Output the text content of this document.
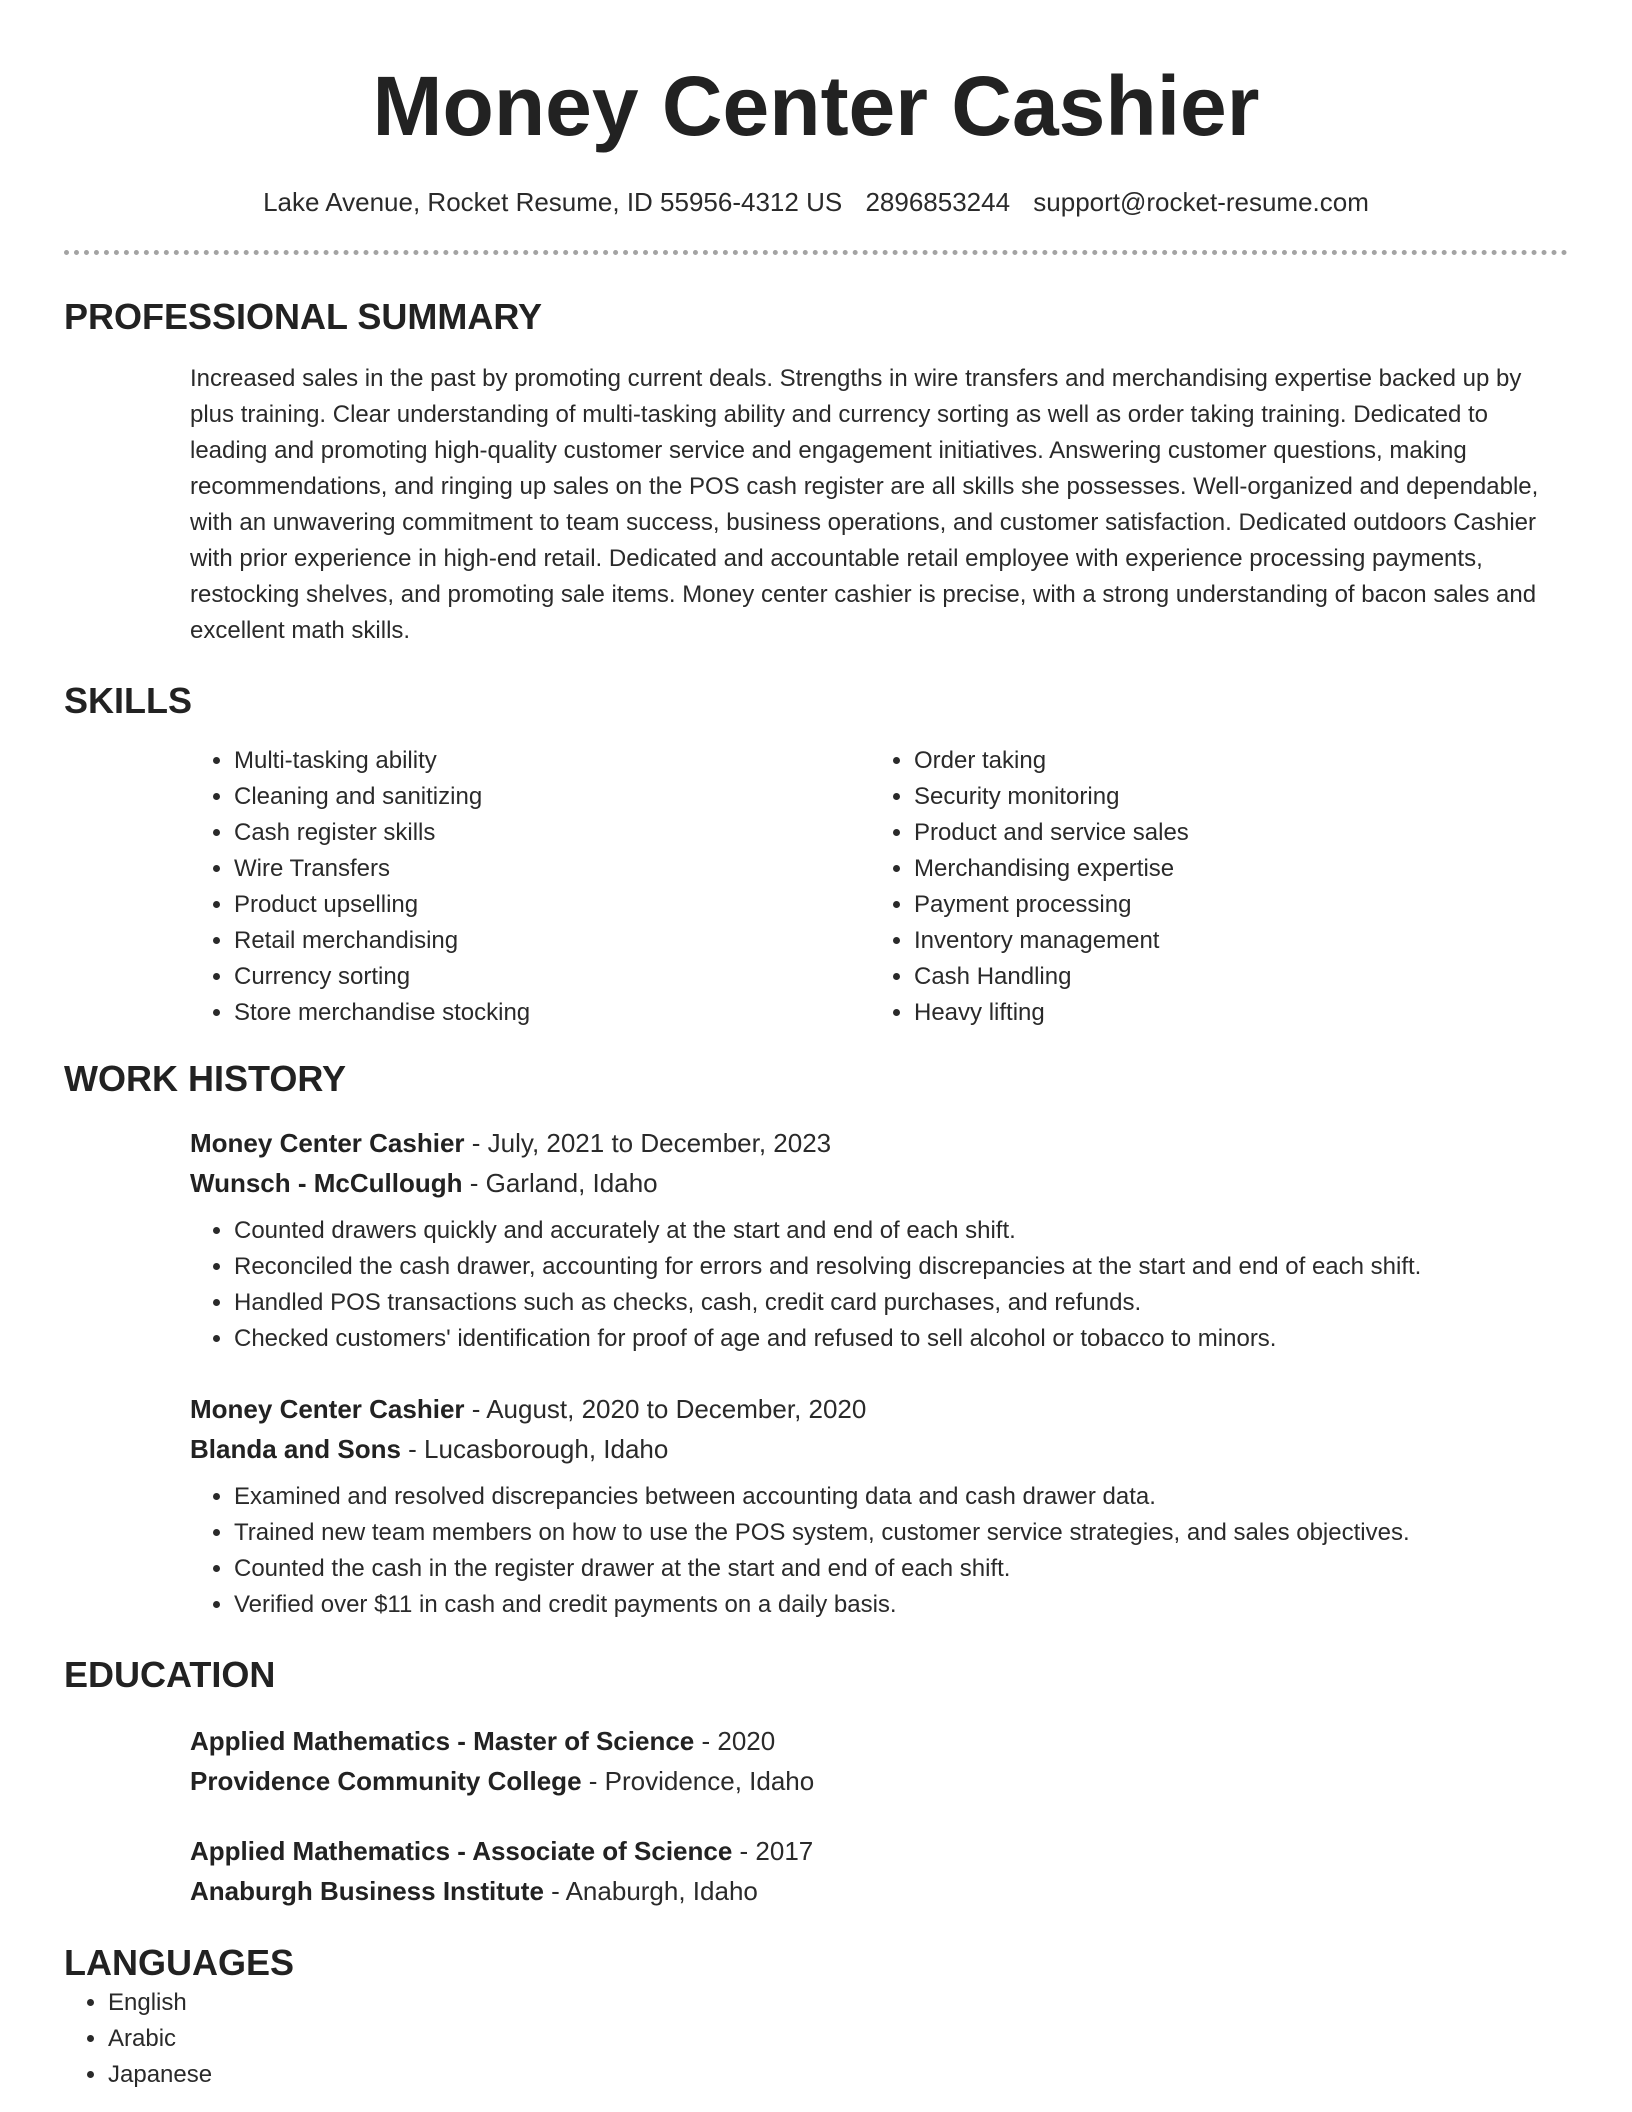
Money Center Cashier
Lake Avenue, Rocket Resume, ID 55956-4312 US 2896853244 support@rocket-resume.com
PROFESSIONAL SUMMARY
Increased sales in the past by promoting current deals. Strengths in wire transfers and merchandising expertise backed up by plus training. Clear understanding of multi-tasking ability and currency sorting as well as order taking training. Dedicated to leading and promoting high-quality customer service and engagement initiatives. Answering customer questions, making recommendations, and ringing up sales on the POS cash register are all skills she possesses. Well-organized and dependable, with an unwavering commitment to team success, business operations, and customer satisfaction. Dedicated outdoors Cashier with prior experience in high-end retail. Dedicated and accountable retail employee with experience processing payments, restocking shelves, and promoting sale items. Money center cashier is precise, with a strong understanding of bacon sales and excellent math skills.
SKILLS
• Multi-tasking ability
• Cleaning and sanitizing
• Cash register skills
• Wire Transfers
• Product upselling
• Retail merchandising
• Currency sorting
• Store merchandise stocking
• Order taking
• Security monitoring
• Product and service sales
• Merchandising expertise
• Payment processing
• Inventory management
• Cash Handling
• Heavy lifting
WORK HISTORY
Money Center Cashier - July, 2021 to December, 2023
Wunsch - McCullough - Garland, Idaho
• Counted drawers quickly and accurately at the start and end of each shift.
• Reconciled the cash drawer, accounting for errors and resolving discrepancies at the start and end of each shift.
• Handled POS transactions such as checks, cash, credit card purchases, and refunds.
• Checked customers' identification for proof of age and refused to sell alcohol or tobacco to minors.
Money Center Cashier - August, 2020 to December, 2020
Blanda and Sons - Lucasborough, Idaho
• Examined and resolved discrepancies between accounting data and cash drawer data.
• Trained new team members on how to use the POS system, customer service strategies, and sales objectives.
• Counted the cash in the register drawer at the start and end of each shift.
• Verified over $11 in cash and credit payments on a daily basis.
EDUCATION
Applied Mathematics - Master of Science - 2020
Providence Community College - Providence, Idaho
Applied Mathematics - Associate of Science - 2017
Anaburgh Business Institute - Anaburgh, Idaho
LANGUAGES
• English
• Arabic
• Japanese
